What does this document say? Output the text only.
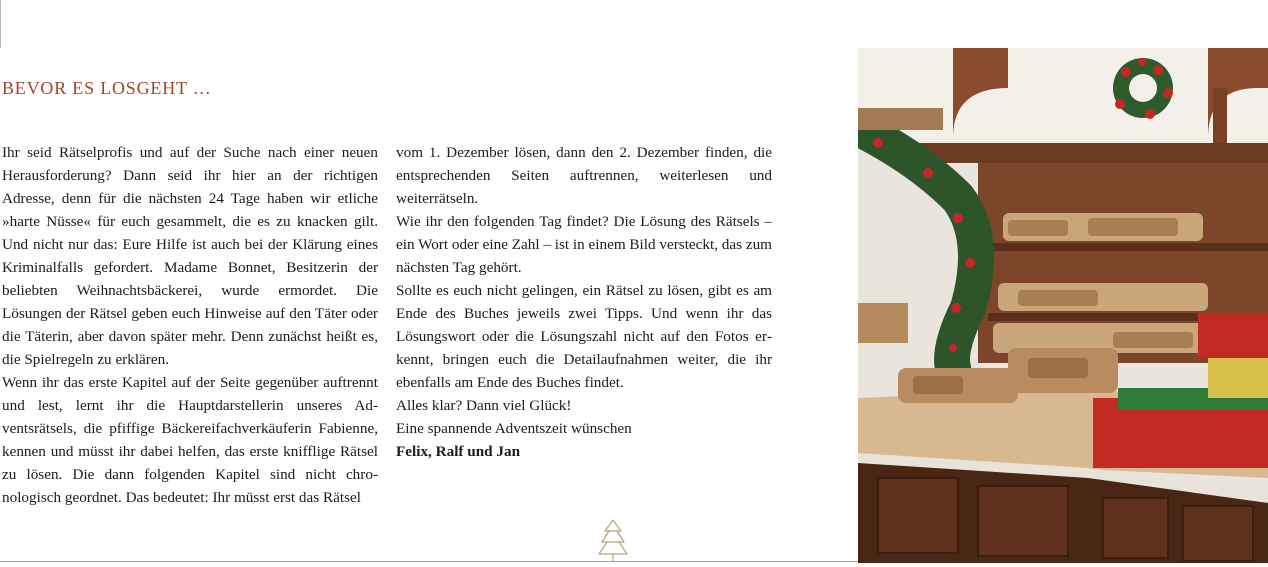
BEVOR ES LOSGEHT …

Ihr seid Rätselprofis und auf der Suche nach einer neuen Herausforderung? Dann seid ihr hier an der richtigen Adresse, denn für die nächsten 24 Tage haben wir etliche »harte Nüsse« für euch gesammelt, die es zu knacken gilt. Und nicht nur das: Eure Hilfe ist auch bei der Klärung eines Kriminalfalls gefordert. Madame Bonnet, Besitzerin der beliebten Weihnachtsbäckerei, wurde ermordet. Die Lösungen der Rätsel geben euch Hinweise auf den Täter oder die Täterin, aber davon später mehr. Denn zunächst heißt es, die Spielregeln zu erklären.

Wenn ihr das erste Kapitel auf der Seite gegenüber auftrennt und lest, lernt ihr die Hauptdarstellerin unseres Adventsrätsels, die pfiffige Bäckereifachverkäuferin Fabienne, kennen und müsst ihr dabei helfen, das erste knifflige Rätsel zu lösen. Die dann folgenden Kapitel sind nicht chronologisch geordnet. Das bedeutet: Ihr müsst erst das Rätsel

vom 1. Dezember lösen, dann den 2. Dezember finden, die entsprechenden Seiten auftrennen, weiterlesen und weiterrätseln.

Wie ihr den folgenden Tag findet? Die Lösung des Rätsels – ein Wort oder eine Zahl – ist in einem Bild versteckt, das zum nächsten Tag gehört.

Sollte es euch nicht gelingen, ein Rätsel zu lösen, gibt es am Ende des Buches jeweils zwei Tipps. Und wenn ihr das Lösungswort oder die Lösungszahl nicht auf den Fotos erkennt, bringen euch die Detailaufnahmen weiter, die ihr ebenfalls am Ende des Buches findet.

Alles klar? Dann viel Glück!

Eine spannende Adventszeit wünschen

Felix, Ralf und Jan
